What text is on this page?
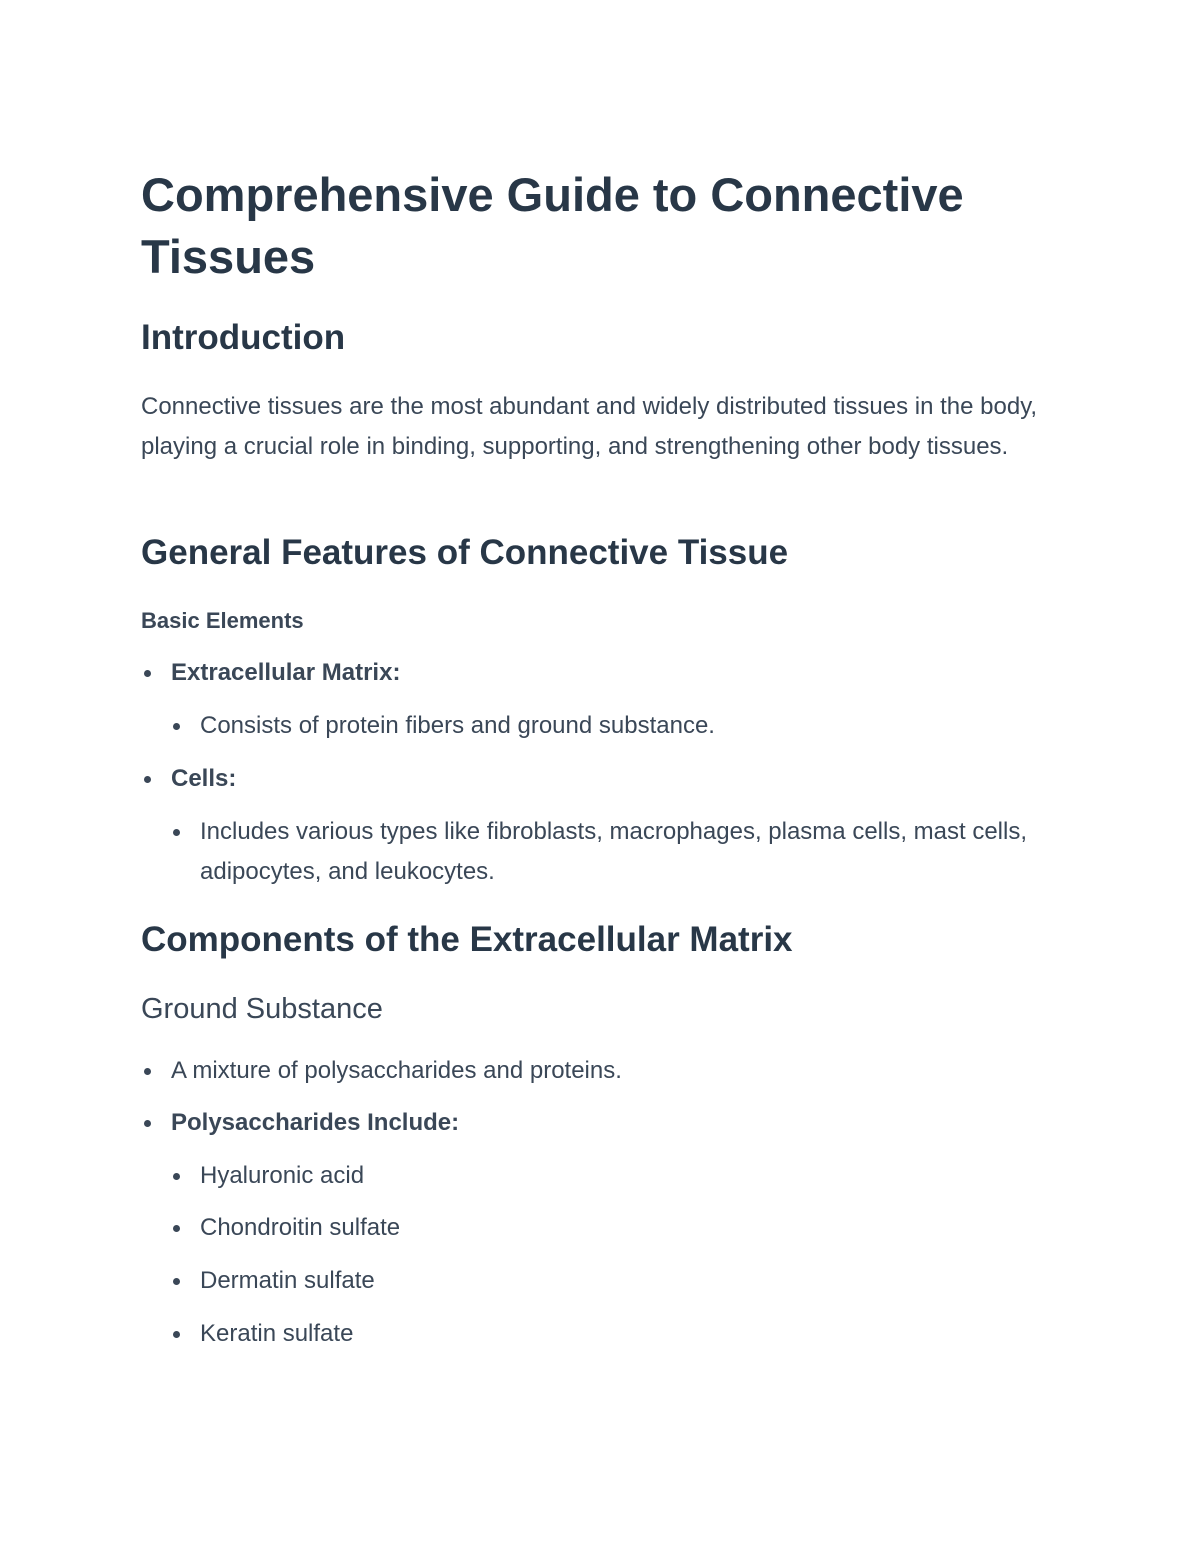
Comprehensive Guide to Connective Tissues
Introduction

Connective tissues are the most abundant and widely distributed tissues in the body, playing a crucial role in binding, supporting, and strengthening other body tissues.

General Features of Connective Tissue
Basic Elements

Extracellular Matrix:

Consists of protein fibers and ground substance.

Cells:

Includes various types like fibroblasts, macrophages, plasma cells, mast cells, adipocytes, and leukocytes.

Components of the Extracellular Matrix
Ground Substance

A mixture of polysaccharides and proteins.

Polysaccharides Include:

Hyaluronic acid

Chondroitin sulfate

Dermatin sulfate

Keratin sulfate
